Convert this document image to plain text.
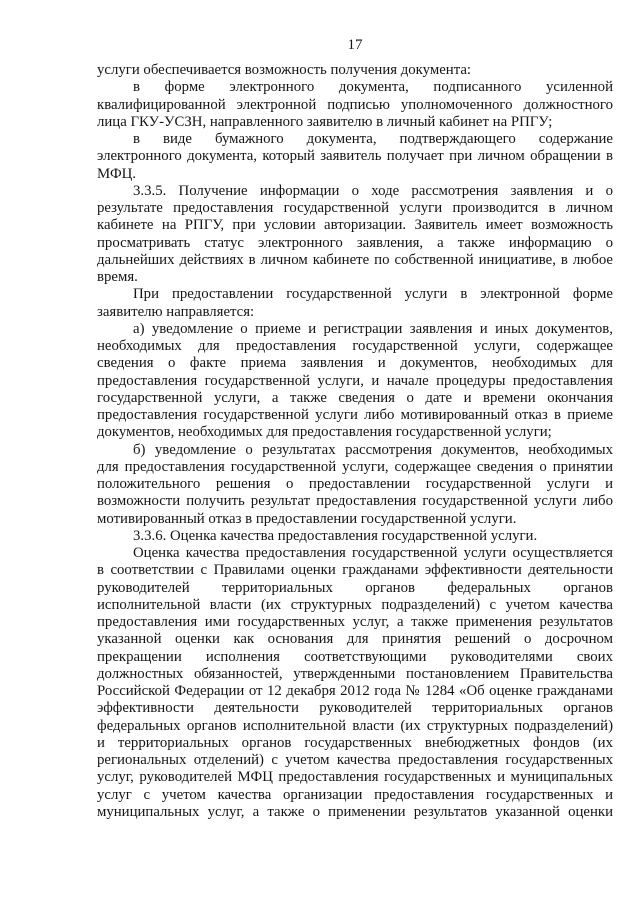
17
услуги обеспечивается возможность получения документа:
в форме электронного документа, подписанного усиленной
квалифицированной электронной подписью уполномоченного должностного
лица ГКУ-УСЗН, направленного заявителю в личный кабинет на РПГУ;
в виде бумажного документа, подтверждающего содержание
электронного документа, который заявитель получает при личном обращении в
МФЦ.
3.3.5. Получение информации о ходе рассмотрения заявления и о
результате предоставления государственной услуги производится в личном
кабинете на РПГУ, при условии авторизации. Заявитель имеет возможность
просматривать статус электронного заявления, а также информацию о
дальнейших действиях в личном кабинете по собственной инициативе, в любое
время.
При предоставлении государственной услуги в электронной форме
заявителю направляется:
а) уведомление о приеме и регистрации заявления и иных документов,
необходимых для предоставления государственной услуги, содержащее
сведения о факте приема заявления и документов, необходимых для
предоставления государственной услуги, и начале процедуры предоставления
государственной услуги, а также сведения о дате и времени окончания
предоставления государственной услуги либо мотивированный отказ в приеме
документов, необходимых для предоставления государственной услуги;
б) уведомление о результатах рассмотрения документов, необходимых
для предоставления государственной услуги, содержащее сведения о принятии
положительного решения о предоставлении государственной услуги и
возможности получить результат предоставления государственной услуги либо
мотивированный отказ в предоставлении государственной услуги.
3.3.6. Оценка качества предоставления государственной услуги.
Оценка качества предоставления государственной услуги осуществляется
в соответствии с Правилами оценки гражданами эффективности деятельности
руководителей территориальных органов федеральных органов
исполнительной власти (их структурных подразделений) с учетом качества
предоставления ими государственных услуг, а также применения результатов
указанной оценки как основания для принятия решений о досрочном
прекращении исполнения соответствующими руководителями своих
должностных обязанностей, утвержденными постановлением Правительства
Российской Федерации от 12 декабря 2012 года № 1284 «Об оценке гражданами
эффективности деятельности руководителей территориальных органов
федеральных органов исполнительной власти (их структурных подразделений)
и территориальных органов государственных внебюджетных фондов (их
региональных отделений) с учетом качества предоставления государственных
услуг, руководителей МФЦ предоставления государственных и муниципальных
услуг с учетом качества организации предоставления государственных и
муниципальных услуг, а также о применении результатов указанной оценки
